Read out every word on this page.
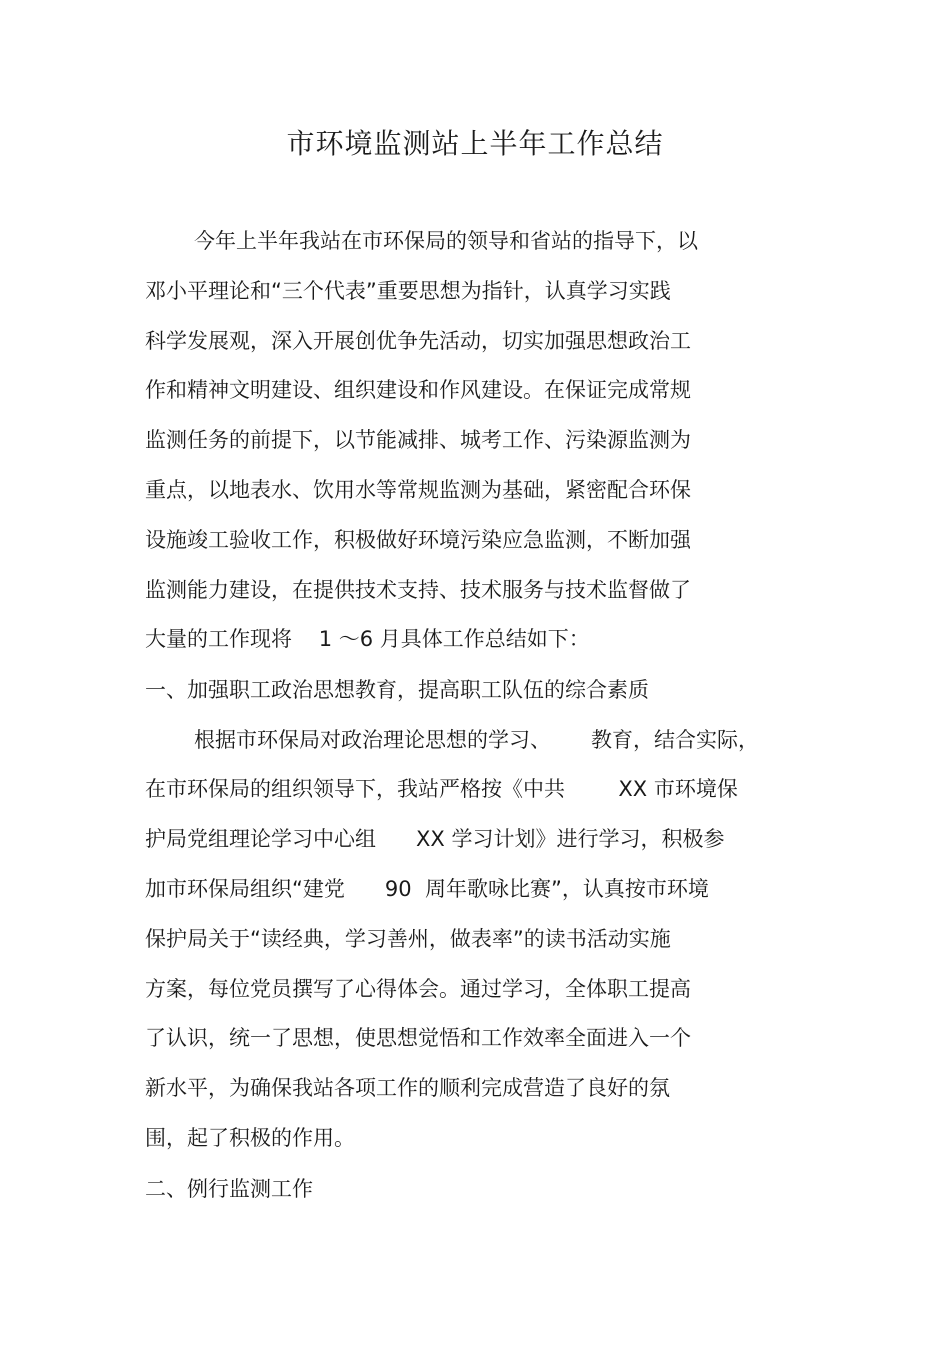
市环境监测站上半年工作总结
今年上半年我站在市环保局的领导和省站的指导下，以
邓小平理论和“三个代表”重要思想为指针，认真学习实践
科学发展观，深入开展创优争先活动，切实加强思想政治工
作和精神文明建设、组织建设和作风建设。在保证完成常规
监测任务的前提下，以节能减排、城考工作、污染源监测为
重点，以地表水、饮用水等常规监测为基础，紧密配合环保
设施竣工验收工作，积极做好环境污染应急监测，不断加强
监测能力建设，在提供技术支持、技术服务与技术监督做了
大量的工作现将    1 ～6 月具体工作总结如下：
一、加强职工政治思想教育，提高职工队伍的综合素质
根据市环保局对政治理论思想的学习、      教育，结合实际，
在市环保局的组织领导下，我站严格按《中共        XX 市环境保
护局党组理论学习中心组      XX 学习计划》进行学习，积极参
加市环保局组织“建党      90  周年歌咏比赛”，认真按市环境
保护局关于“读经典，学习善州，做表率”的读书活动实施
方案，每位党员撰写了心得体会。通过学习，全体职工提高
了认识，统一了思想，使思想觉悟和工作效率全面进入一个
新水平，为确保我站各项工作的顺利完成营造了良好的氛
围，起了积极的作用。
二、例行监测工作
